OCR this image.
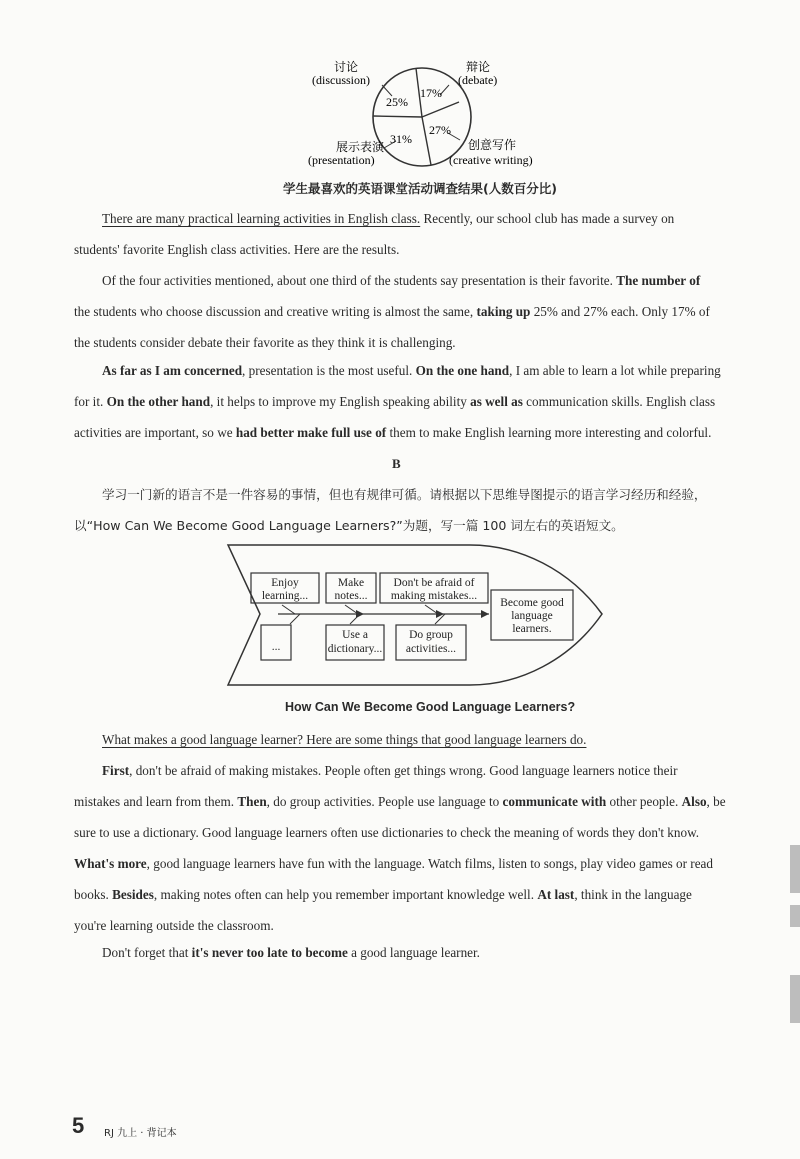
25%
17%
27%
31%
讨论
(discussion)
辩论
(debate)
创意写作
(creative writing)
展示表演
(presentation)
学生最喜欢的英语课堂活动调查结果(人数百分比)
There are many practical learning activities in English class. Recently, our school club has made a survey on
students' favorite English class activities. Here are the results.
Of the four activities mentioned, about one third of the students say presentation is their favorite. The number of
the students who choose discussion and creative writing is almost the same, taking up 25% and 27% each. Only 17% of
the students consider debate their favorite as they think it is challenging.
As far as I am concerned, presentation is the most useful. On the one hand, I am able to learn a lot while preparing
for it. On the other hand, it helps to improve my English speaking ability as well as communication skills. English class
activities are important, so we had better make full use of them to make English learning more interesting and colorful.
B
学习一门新的语言不是一件容易的事情，但也有规律可循。请根据以下思维导图提示的语言学习经历和经验，
以“How Can We Become Good Language Learners?”为题，写一篇 100 词左右的英语短文。
Enjoy
learning...
Make
notes...
Don't be afraid of
making mistakes...
...
Use a
dictionary...
Do group
activities...
Become good
language
learners.
How Can We Become Good Language Learners?
What makes a good language learner? Here are some things that good language learners do.
First, don't be afraid of making mistakes. People often get things wrong. Good language learners notice their
mistakes and learn from them. Then, do group activities. People use language to communicate with other people. Also, be
sure to use a dictionary. Good language learners often use dictionaries to check the meaning of words they don't know.
What's more, good language learners have fun with the language. Watch films, listen to songs, play video games or read
books. Besides, making notes often can help you remember important knowledge well. At last, think in the language
you're learning outside the classroom.
Don't forget that it's never too late to become a good language learner.
5 RJ 九上 · 背记本
